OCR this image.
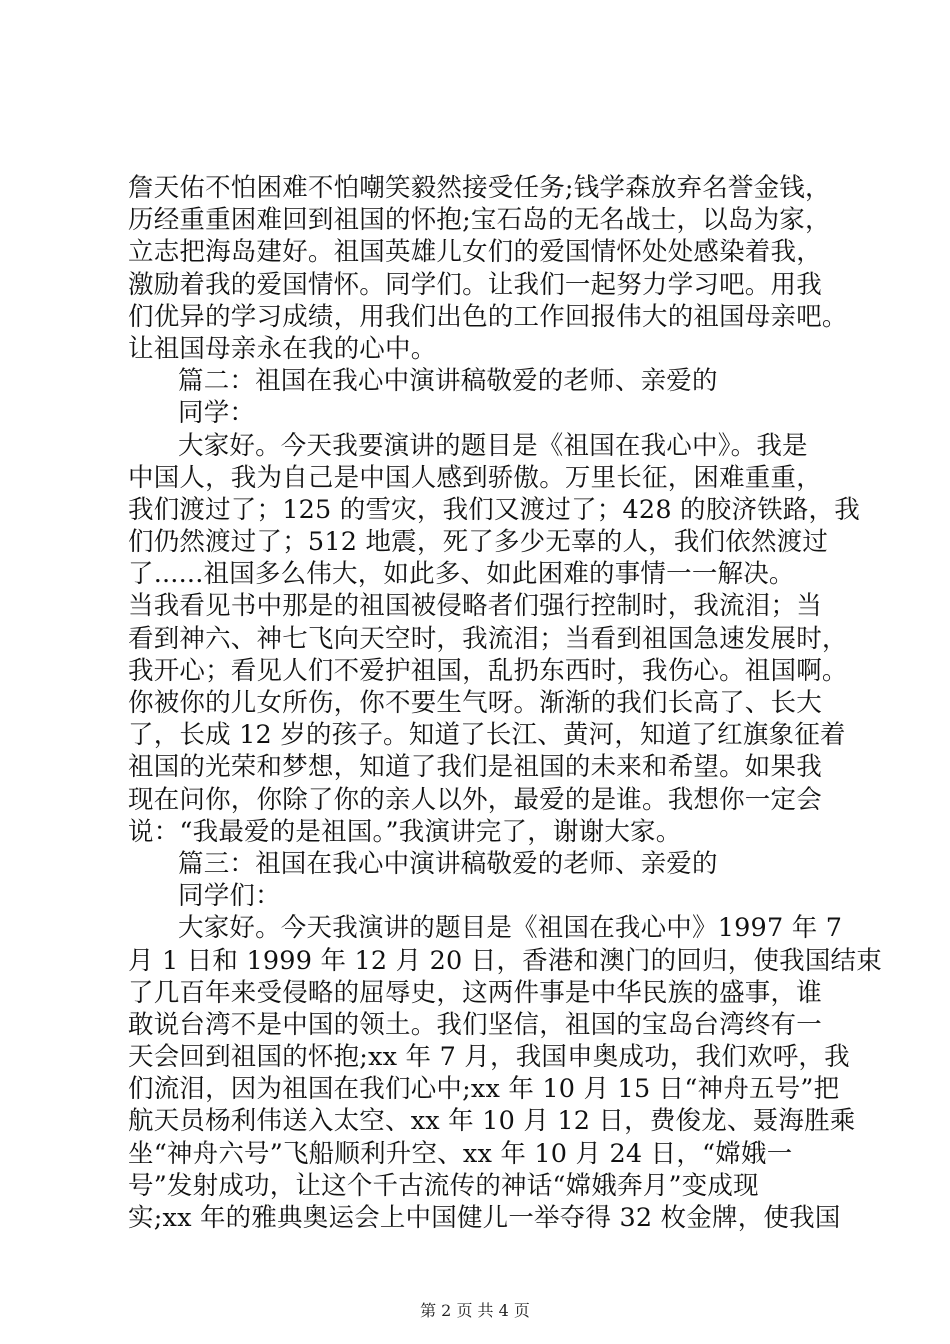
詹天佑不怕困难不怕嘲笑毅然接受任务;钱学森放弃名誉金钱，
历经重重困难回到祖国的怀抱;宝石岛的无名战士，以岛为家，
立志把海岛建好。祖国英雄儿女们的爱国情怀处处感染着我，
激励着我的爱国情怀。同学们。让我们一起努力学习吧。用我
们优异的学习成绩，用我们出色的工作回报伟大的祖国母亲吧。
让祖国母亲永在我的心中。
篇二：祖国在我心中演讲稿敬爱的老师、亲爱的
同学：
大家好。今天我要演讲的题目是《祖国在我心中》。我是
中国人，我为自己是中国人感到骄傲。万里长征，困难重重，
我们渡过了；125 的雪灾，我们又渡过了；428 的胶济铁路，我
们仍然渡过了；512 地震，死了多少无辜的人，我们依然渡过
了......祖国多么伟大，如此多、如此困难的事情一一解决。
当我看见书中那是的祖国被侵略者们强行控制时，我流泪；当
看到神六、神七飞向天空时，我流泪；当看到祖国急速发展时，
我开心；看见人们不爱护祖国，乱扔东西时，我伤心。祖国啊。
你被你的儿女所伤，你不要生气呀。渐渐的我们长高了、长大
了，长成 12 岁的孩子。知道了长江、黄河，知道了红旗象征着
祖国的光荣和梦想，知道了我们是祖国的未来和希望。如果我
现在问你，你除了你的亲人以外，最爱的是谁。我想你一定会
说：“我最爱的是祖国。”我演讲完了，谢谢大家。
篇三：祖国在我心中演讲稿敬爱的老师、亲爱的
同学们：
大家好。今天我演讲的题目是《祖国在我心中》1997 年 7
月 1 日和 1999 年 12 月 20 日，香港和澳门的回归，使我国结束
了几百年来受侵略的屈辱史，这两件事是中华民族的盛事，谁
敢说台湾不是中国的领土。我们坚信，祖国的宝岛台湾终有一
天会回到祖国的怀抱;xx 年 7 月，我国申奥成功，我们欢呼，我
们流泪，因为祖国在我们心中;xx 年 10 月 15 日“神舟五号”把
航天员杨利伟送入太空、xx 年 10 月 12 日，费俊龙、聂海胜乘
坐“神舟六号”飞船顺利升空、xx 年 10 月 24 日，“嫦娥一
号”发射成功，让这个千古流传的神话“嫦娥奔月”变成现
实;xx 年的雅典奥运会上中国健儿一举夺得 32 枚金牌，使我国
第 2 页 共 4 页
